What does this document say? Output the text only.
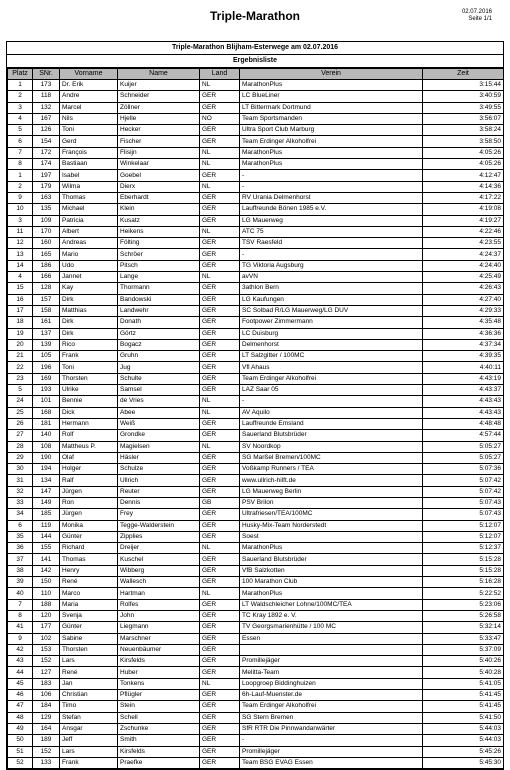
Triple-Marathon	02.07.2016
Seite 1/1
Triple-Marathon Blijham-Esterwege am 02.07.2016
Ergebnisliste
Platz	SNr.	Vorname	Name	Land	Verein	Zeit
1	173	Dr. Erik	Kuijer	NL	MarathonPlus	3:15:44
2	118	Andre	Schneider	GER	LC BlueLiner	3:40:59
3	132	Marcel	Zöllner	GER	LT Bittermark Dortmund	3:49:55
4	167	Nils	Hjelle	NO	Team Sportsmanden	3:56:07
5	126	Toni	Hecker	GER	Ultra Sport Club Marburg	3:58:24
6	154	Gerd	Fischer	GER	Team Erdinger Alkoholfrei	3:58:50
7	172	François	Flisijn	NL	MarathonPlus	4:05:26
8	174	Bastiaan	Winkelaar	NL	MarathonPlus	4:05:26
1	197	Isabel	Goebel	GER	-	4:12:47
2	179	Wilma	Dierx	NL	-	4:14:36
9	163	Thomas	Eberhardt	GER	RV Urania Delmenhorst	4:17:22
10	135	Michael	Klein	GER	Lauffreunde Bönen 1985 e.V.	4:19:08
3	109	Patricia	Kusatz	GER	LG Mauerweg	4:19:27
11	170	Albert	Heikens	NL	ATC 75	4:22:46
12	160	Andreas	Fölting	GER	TSV Raesfeld	4:23:55
13	165	Mario	Schröer	GER	-	4:24:37
14	186	Udo	Pitsch	GER	TG Viktoria Augsburg	4:24:40
4	166	Jannet	Lange	NL	avVN	4:25:49
15	128	Kay	Thormann	GER	3athlon Bern	4:26:43
16	157	Dirk	Bandowski	GER	LG Kaufungen	4:27:40
17	158	Matthias	Landwehr	GER	SC Solbad R/LG Mauerweg/LG DUV	4:29:33
18	161	Dirk	Donath	GER	Footpower Zimmermann	4:35:48
19	137	Dirk	Görtz	GER	LC Duisburg	4:36:36
20	139	Rico	Bogacz	GER	Delmenhorst	4:37:34
21	105	Frank	Gruhn	GER	LT Salzgitter / 100MC	4:39:35
22	196	Toni	Jug	GER	Vfl Ahaus	4:40:11
23	169	Thorsten	Schulte	GER	Team Erdinger Alkoholfrei	4:43:19
5	193	Ulrike	Samsel	GER	LAZ Saar 05	4:43:37
24	101	Bennie	de Vries	NL	-	4:43:43
25	168	Dick	Abee	NL	AV Aquilo	4:43:43
26	181	Hermann	Weiß	GER	Lauffreunde Emsland	4:48:48
27	140	Rolf	Grondke	GER	Sauerland Blutsbrüder	4:57:44
28	108	Mattheus P.	Magielsen	NL	SV Noordkop	5:05:27
29	190	Olaf	Häsler	GER	SG Marßel Bremen/100MC	5:05:27
30	194	Holger	Schulze	GER	Voßkamp Runners / TEA	5:07:36
31	134	Ralf	Ullrich	GER	www.ullrich-hilft.de	5:07:42
32	147	Jürgen	Reuter	GER	LG Mauerweg Berlin	5:07:42
33	149	Ron	Dennis	GB	PSV Brilon	5:07:43
34	185	Jürgen	Frey	GER	Ultrafriesen/TEA/100MC	5:07:43
6	119	Monika	Tegge-Walderstein	GER	Husky-Mix-Team Norderstedt	5:12:07
35	144	Günter	Zipplies	GER	Soest	5:12:07
36	155	Richard	Dreijer	NL	MarathonPlus	5:12:37
37	141	Thomas	Kuschel	GER	Sauerland Blutsbrüder	5:15:28
38	142	Henry	Wibberg	GER	VfB Salzkotten	5:15:28
39	150	René	Wallesch	GER	100 Marathon Club	5:16:28
40	110	Marco	Hartman	NL	MarathonPlus	5:22:52
7	188	Maria	Rolfes	GER	LT Waldschleicher Lohne/100MC/TEA	5:23:06
8	120	Svenja	John	GER	TC Kray 1892 e. V.	5:26:58
41	177	Günter	Liegmann	GER	TV Georgsmarienhütte / 100 MC	5:32:14
9	102	Sabine	Marschner	GER	Essen	5:33:47
42	153	Thorsten	Neuenbäumer	GER		5:37:09
43	152	Lars	Kirsfelds	GER	Promillejäger	5:40:26
44	127	René	Huber	GER	Melitta-Team	5:40:28
45	183	Jan	Tonkens	NL	Loopgroep Biddinghuizen	5:41:05
46	106	Christian	Pflügler	GER	6h-Lauf-Muenster.de	5:41:45
47	184	Timo	Stein	GER	Team Erdinger Alkoholfrei	5:41:45
48	129	Stefan	Schell	GER	SG Stern Bremen	5:41:50
49	164	Ansgar	Zschunke	GER	SfR RTR Die Pinnwandanwärter	5:44:03
50	189	Jeff	Smith	GER	-	5:44:03
51	152	Lars	Kirsfelds	GER	Promillejäger	5:45:26
52	133	Frank	Praefke	GER	Team BSG EVAG Essen	5:45:30
